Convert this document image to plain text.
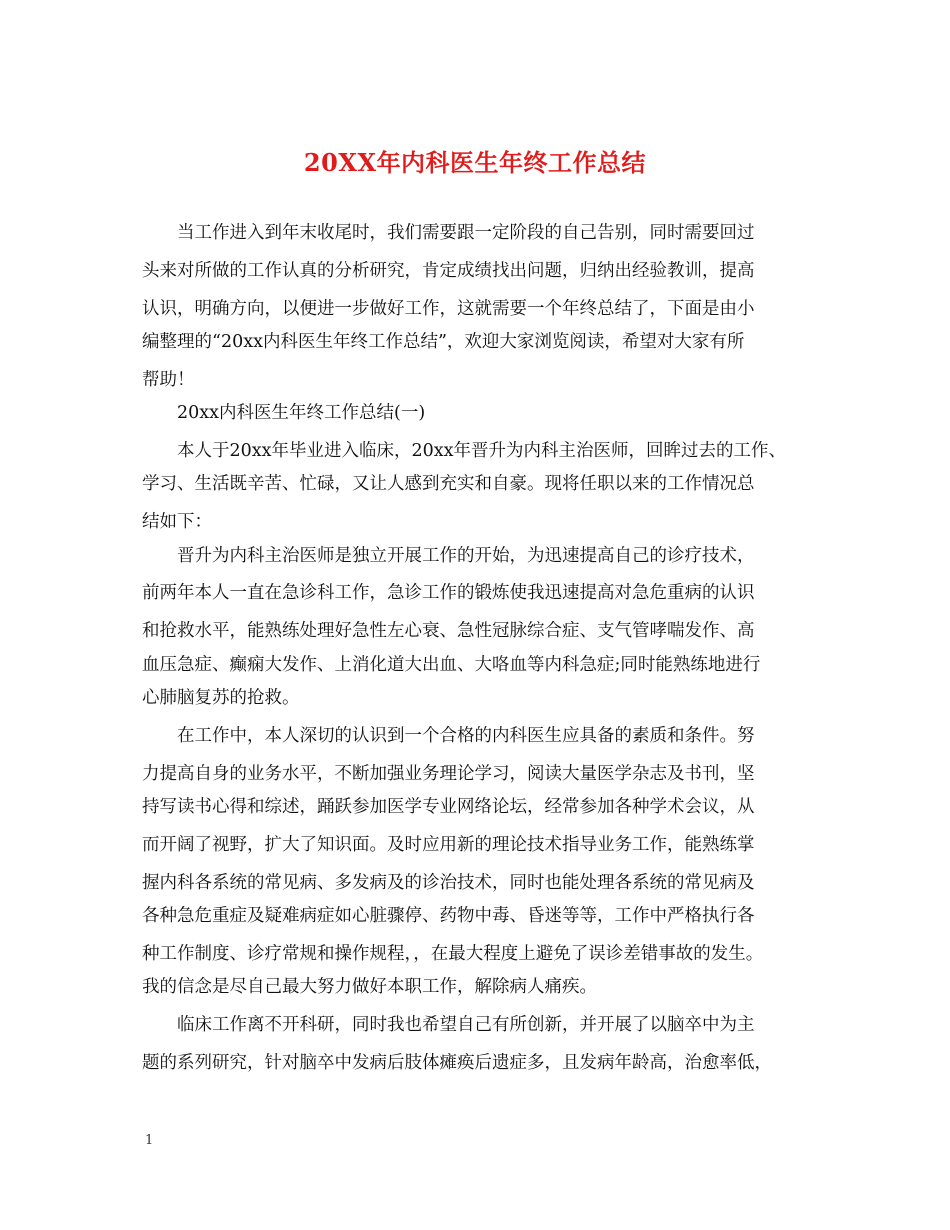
20XX年内科医生年终工作总结
　　当工作进入到年末收尾时，我们需要跟一定阶段的自己告别，同时需要回过
头来对所做的工作认真的分析研究，肯定成绩找出问题，归纳出经验教训，提高
认识，明确方向，以便进一步做好工作，这就需要一个年终总结了，下面是由小
编整理的“20xx内科医生年终工作总结”，欢迎大家浏览阅读，希望对大家有所
帮助！
　　20xx内科医生年终工作总结(一)
　　本人于20xx年毕业进入临床，20xx年晋升为内科主治医师，回眸过去的工作、
学习、生活既辛苦、忙碌，又让人感到充实和自豪。现将任职以来的工作情况总
结如下：
　　晋升为内科主治医师是独立开展工作的开始，为迅速提高自己的诊疗技术，
前两年本人一直在急诊科工作，急诊工作的锻炼使我迅速提高对急危重病的认识
和抢救水平，能熟练处理好急性左心衰、急性冠脉综合症、支气管哮喘发作、高
血压急症、癫痫大发作、上消化道大出血、大咯血等内科急症;同时能熟练地进行
心肺脑复苏的抢救。
　　在工作中，本人深切的认识到一个合格的内科医生应具备的素质和条件。努
力提高自身的业务水平，不断加强业务理论学习，阅读大量医学杂志及书刊，坚
持写读书心得和综述，踊跃参加医学专业网络论坛，经常参加各种学术会议，从
而开阔了视野，扩大了知识面。及时应用新的理论技术指导业务工作，能熟练掌
握内科各系统的常见病、多发病及的诊治技术，同时也能处理各系统的常见病及
各种急危重症及疑难病症如心脏骤停、药物中毒、昏迷等等，工作中严格执行各
种工作制度、诊疗常规和操作规程，，在最大程度上避免了误诊差错事故的发生。
我的信念是尽自己最大努力做好本职工作，解除病人痛疾。
　　临床工作离不开科研，同时我也希望自己有所创新，并开展了以脑卒中为主
题的系列研究，针对脑卒中发病后肢体瘫痪后遗症多，且发病年龄高，治愈率低，
1
